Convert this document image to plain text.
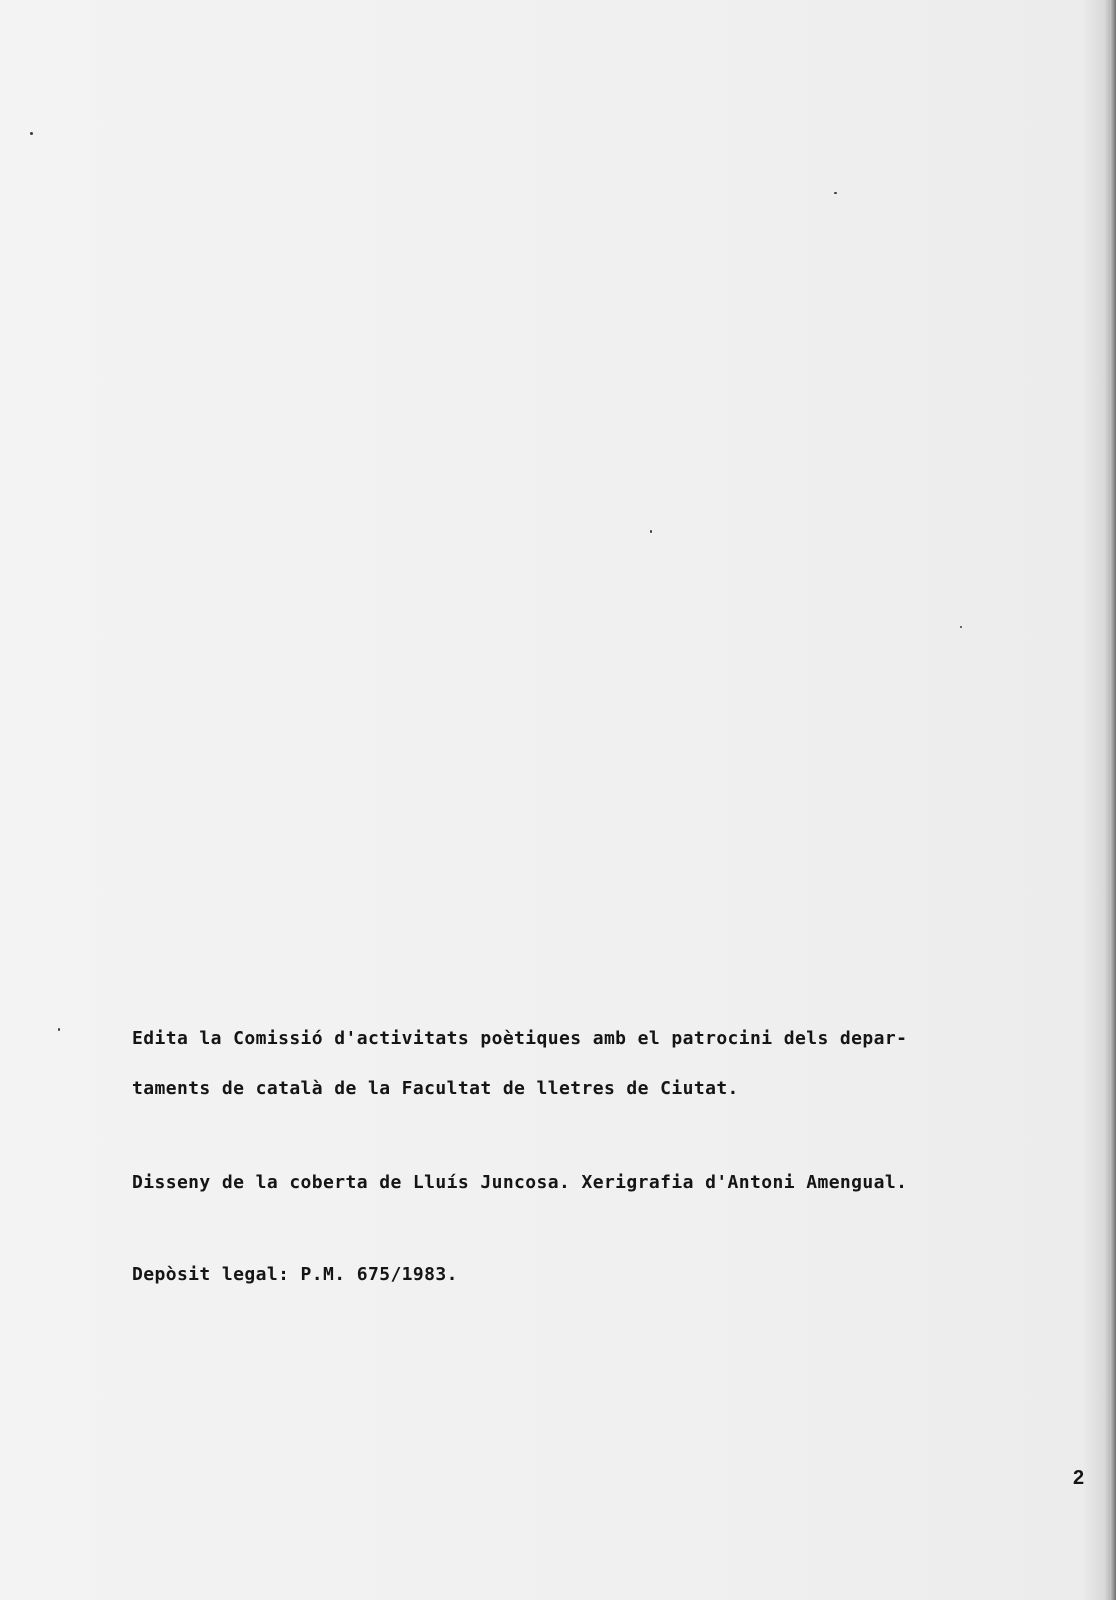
Edita la Comissió d'activitats poètiques amb el patrocini dels depar-
taments de català de la Facultat de lletres de Ciutat.
Disseny de la coberta de Lluís Juncosa. Xerigrafia d'Antoni Amengual.
Depòsit legal: P.M. 675/1983.
2
